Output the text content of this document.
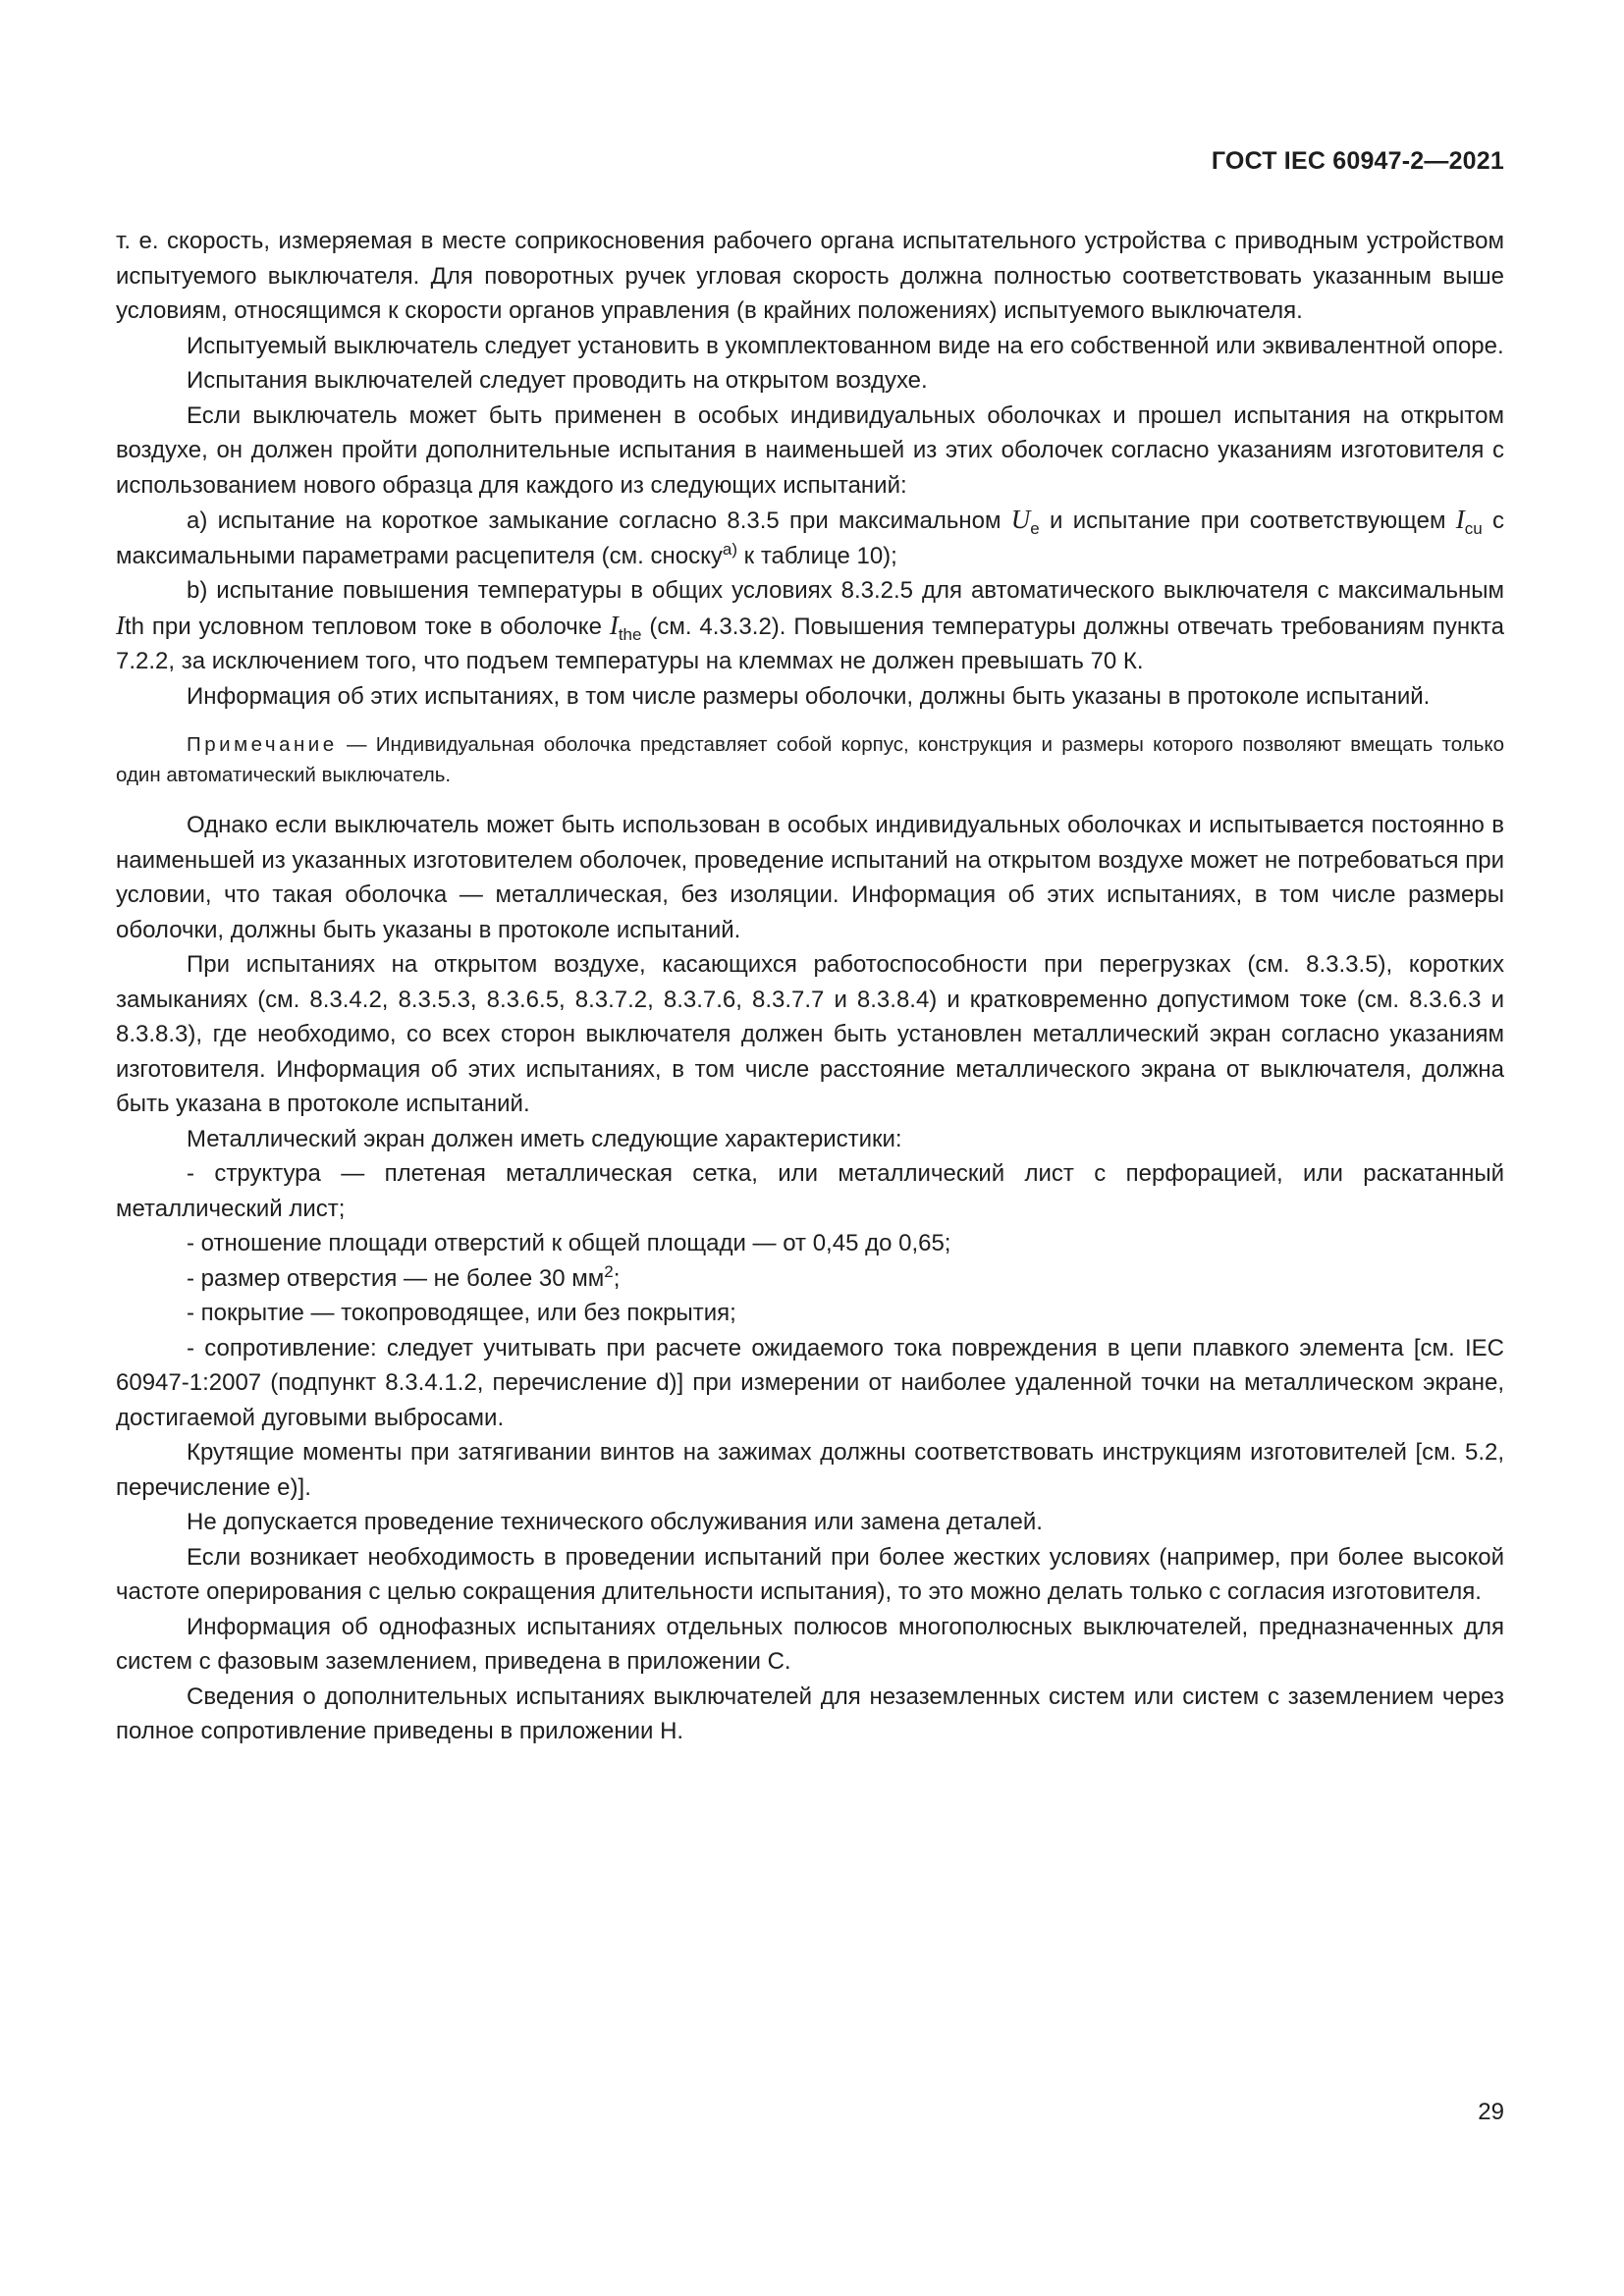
ГОСТ IEC 60947-2—2021

т. е. скорость, измеряемая в месте соприкосновения рабочего органа испытательного устройства с приводным устройством испытуемого выключателя. Для поворотных ручек угловая скорость должна полностью соответствовать указанным выше условиям, относящимся к скорости органов управления (в крайних положениях) испытуемого выключателя.

Испытуемый выключатель следует установить в укомплектованном виде на его собственной или эквивалентной опоре.

Испытания выключателей следует проводить на открытом воздухе.

Если выключатель может быть применен в особых индивидуальных оболочках и прошел испытания на открытом воздухе, он должен пройти дополнительные испытания в наименьшей из этих оболочек согласно указаниям изготовителя с использованием нового образца для каждого из следующих испытаний:

a) испытание на короткое замыкание согласно 8.3.5 при максимальном $U_e$ и испытание при соответствующем $I_{cu}$ с максимальными параметрами расцепителя (см. сноску$^{a)}$ к таблице 10);

b) испытание повышения температуры в общих условиях 8.3.2.5 для автоматического выключателя с максимальным Ith при условном тепловом токе в оболочке $I_{the}$ (см. 4.3.3.2). Повышения температуры должны отвечать требованиям пункта 7.2.2, за исключением того, что подъем температуры на клеммах не должен превышать 70 К.

Информация об этих испытаниях, в том числе размеры оболочки, должны быть указаны в протоколе испытаний.

Примечание — Индивидуальная оболочка представляет собой корпус, конструкция и размеры которого позволяют вмещать только один автоматический выключатель.

Однако если выключатель может быть использован в особых индивидуальных оболочках и испытывается постоянно в наименьшей из указанных изготовителем оболочек, проведение испытаний на открытом воздухе может не потребоваться при условии, что такая оболочка — металлическая, без изоляции. Информация об этих испытаниях, в том числе размеры оболочки, должны быть указаны в протоколе испытаний.

При испытаниях на открытом воздухе, касающихся работоспособности при перегрузках (см. 8.3.3.5), коротких замыканиях (см. 8.3.4.2, 8.3.5.3, 8.3.6.5, 8.3.7.2, 8.3.7.6, 8.3.7.7 и 8.3.8.4) и кратковременно допустимом токе (см. 8.3.6.3 и 8.3.8.3), где необходимо, со всех сторон выключателя должен быть установлен металлический экран согласно указаниям изготовителя. Информация об этих испытаниях, в том числе расстояние металлического экрана от выключателя, должна быть указана в протоколе испытаний.

Металлический экран должен иметь следующие характеристики:

- структура — плетеная металлическая сетка, или металлический лист с перфорацией, или раскатанный металлический лист;

- отношение площади отверстий к общей площади — от 0,45 до 0,65;

- размер отверстия — не более 30 $мм^2$;

- покрытие — токопроводящее, или без покрытия;

- сопротивление: следует учитывать при расчете ожидаемого тока повреждения в цепи плавкого элемента [см. IEC 60947-1:2007 (подпункт 8.3.4.1.2, перечисление d)] при измерении от наиболее удаленной точки на металлическом экране, достигаемой дуговыми выбросами.

Крутящие моменты при затягивании винтов на зажимах должны соответствовать инструкциям изготовителей [см. 5.2, перечисление e)].

Не допускается проведение технического обслуживания или замена деталей.

Если возникает необходимость в проведении испытаний при более жестких условиях (например, при более высокой частоте оперирования с целью сокращения длительности испытания), то это можно делать только с согласия изготовителя.

Информация об однофазных испытаниях отдельных полюсов многополюсных выключателей, предназначенных для систем с фазовым заземлением, приведена в приложении С.

Сведения о дополнительных испытаниях выключателей для незаземленных систем или систем с заземлением через полное сопротивление приведены в приложении Н.

29
